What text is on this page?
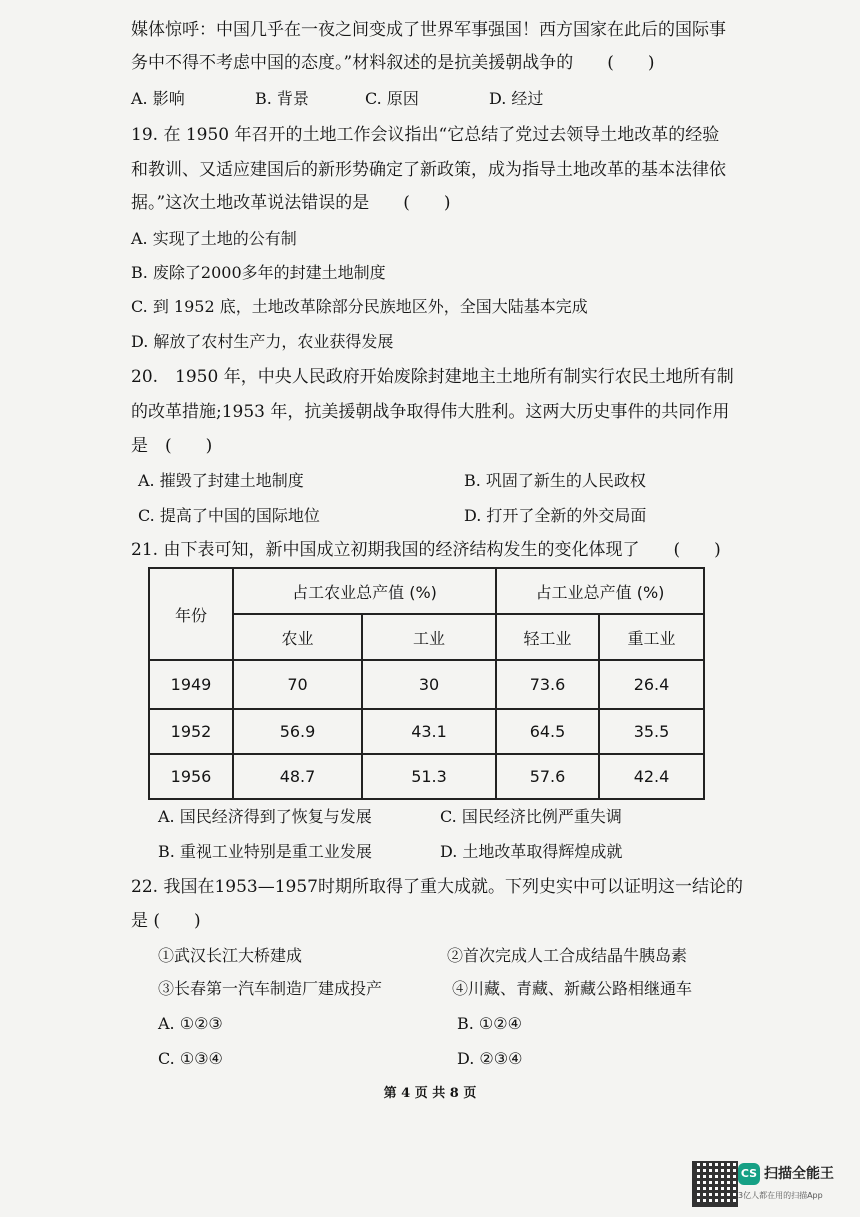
媒体惊呼：中国几乎在一夜之间变成了世界军事强国！西方国家在此后的国际事
务中不得不考虑中国的态度。”材料叙述的是抗美援朝战争的　　(　　)
A. 影响	B. 背景	C. 原因	D. 经过
19. 在 1950 年召开的土地工作会议指出“它总结了党过去领导土地改革的经验
和教训、又适应建国后的新形势确定了新政策，成为指导土地改革的基本法律依
据。”这次土地改革说法错误的是　　(　　)
A. 实现了土地的公有制
B. 废除了2000多年的封建土地制度
C. 到 1952 底，土地改革除部分民族地区外，全国大陆基本完成
D. 解放了农村生产力，农业获得发展
20.　1950 年，中央人民政府开始废除封建地主土地所有制实行农民土地所有制
的改革措施;1953 年，抗美援朝战争取得伟大胜利。这两大历史事件的共同作用
是　(　　)
A. 摧毁了封建土地制度	B. 巩固了新生的人民政权
C. 提高了中国的国际地位	D. 打开了全新的外交局面
21. 由下表可知，新中国成立初期我国的经济结构发生的变化体现了　　(　　)
年份	占工农业总产值 (%)		占工业总产值 (%)	
	农业	工业	轻工业	重工业
1949	70	30	73.6	26.4
1952	56.9	43.1	64.5	35.5
1956	48.7	51.3	57.6	42.4
A. 国民经济得到了恢复与发展	C. 国民经济比例严重失调
B. 重视工业特别是重工业发展	D. 土地改革取得辉煌成就
22. 我国在1953—1957时期所取得了重大成就。下列史实中可以证明这一结论的
是 (　　)
①武汉长江大桥建成	②首次完成人工合成结晶牛胰岛素
③长春第一汽车制造厂建成投产	④川藏、青藏、新藏公路相继通车
A. ①②③	B. ①②④
C. ①③④	D. ②③④
第 4 页 共 8 页
CS 扫描全能王
3亿人都在用的扫描App
